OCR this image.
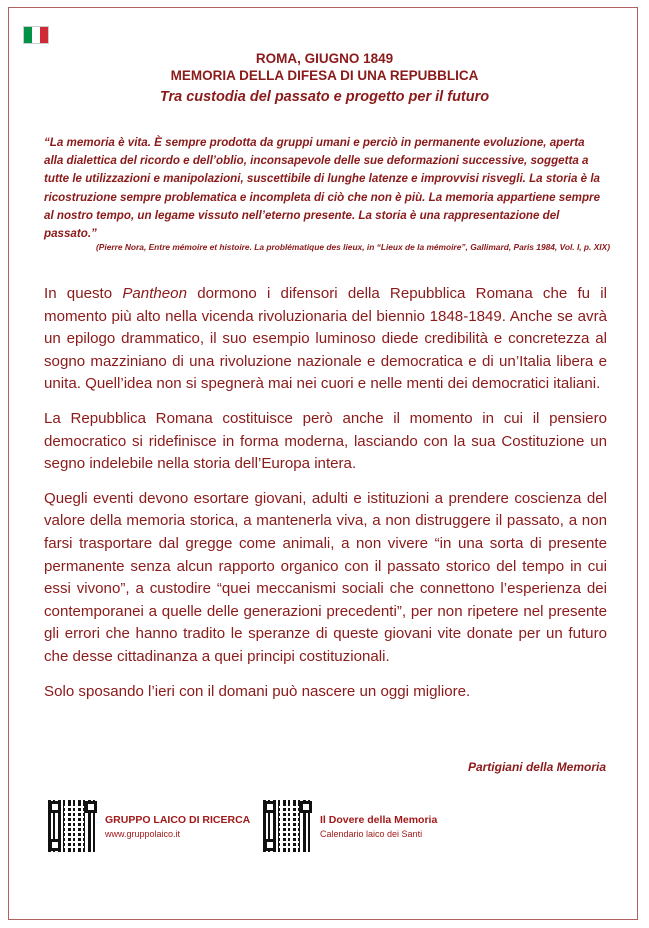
ROMA, GIUGNO 1849
MEMORIA DELLA DIFESA DI UNA REPUBBLICA
Tra custodia del passato e progetto per il futuro
“La memoria è vita. È sempre prodotta da gruppi umani e perciò in permanente evoluzione, aperta alla dialettica del ricordo e dell’oblio, inconsapevole delle sue deformazioni successive, soggetta a tutte le utilizzazioni e manipolazioni, suscettibile di lunghe latenze e improvvisi risvegli. La storia è la ricostruzione sempre problematica e incompleta di ciò che non è più. La memoria appartiene sempre al nostro tempo, un legame vissuto nell’eterno presente. La storia è una rappresentazione del passato.”
(Pierre Nora, Entre mémoire et histoire. La problématique des lieux, in “Lieux de la mémoire”, Gallimard, Paris 1984, Vol. I, p. XIX)

In questo Pantheon dormono i difensori della Repubblica Romana che fu il momento più alto nella vicenda rivoluzionaria del biennio 1848-1849. Anche se avrà un epilogo drammatico, il suo esempio luminoso diede credibilità e concretezza al sogno mazziniano di una rivoluzione nazionale e democratica e di un’Italia libera e unita. Quell’idea non si spegnerà mai nei cuori e nelle menti dei democratici italiani.

La Repubblica Romana costituisce però anche il momento in cui il pensiero democratico si ridefinisce in forma moderna, lasciando con la sua Costituzione un segno indelebile nella storia dell’Europa intera.

Quegli eventi devono esortare giovani, adulti e istituzioni a prendere coscienza del valore della memoria storica, a mantenerla viva, a non distruggere il passato, a non farsi trasportare dal gregge come animali, a non vivere “in una sorta di presente permanente senza alcun rapporto organico con il passato storico del tempo in cui essi vivono”, a custodire “quei meccanismi sociali che connettono l’esperienza dei contemporanei a quelle delle generazioni precedenti”, per non ripetere nel presente gli errori che hanno tradito le speranze di queste giovani vite donate per un futuro che desse cittadinanza a quei principi costituzionali.

Solo sposando l’ieri con il domani può nascere un oggi migliore.

Partigiani della Memoria
GRUPPO LAICO DI RICERCA
www.gruppolaico.it
Il Dovere della Memoria
Calendario laico dei Santi
